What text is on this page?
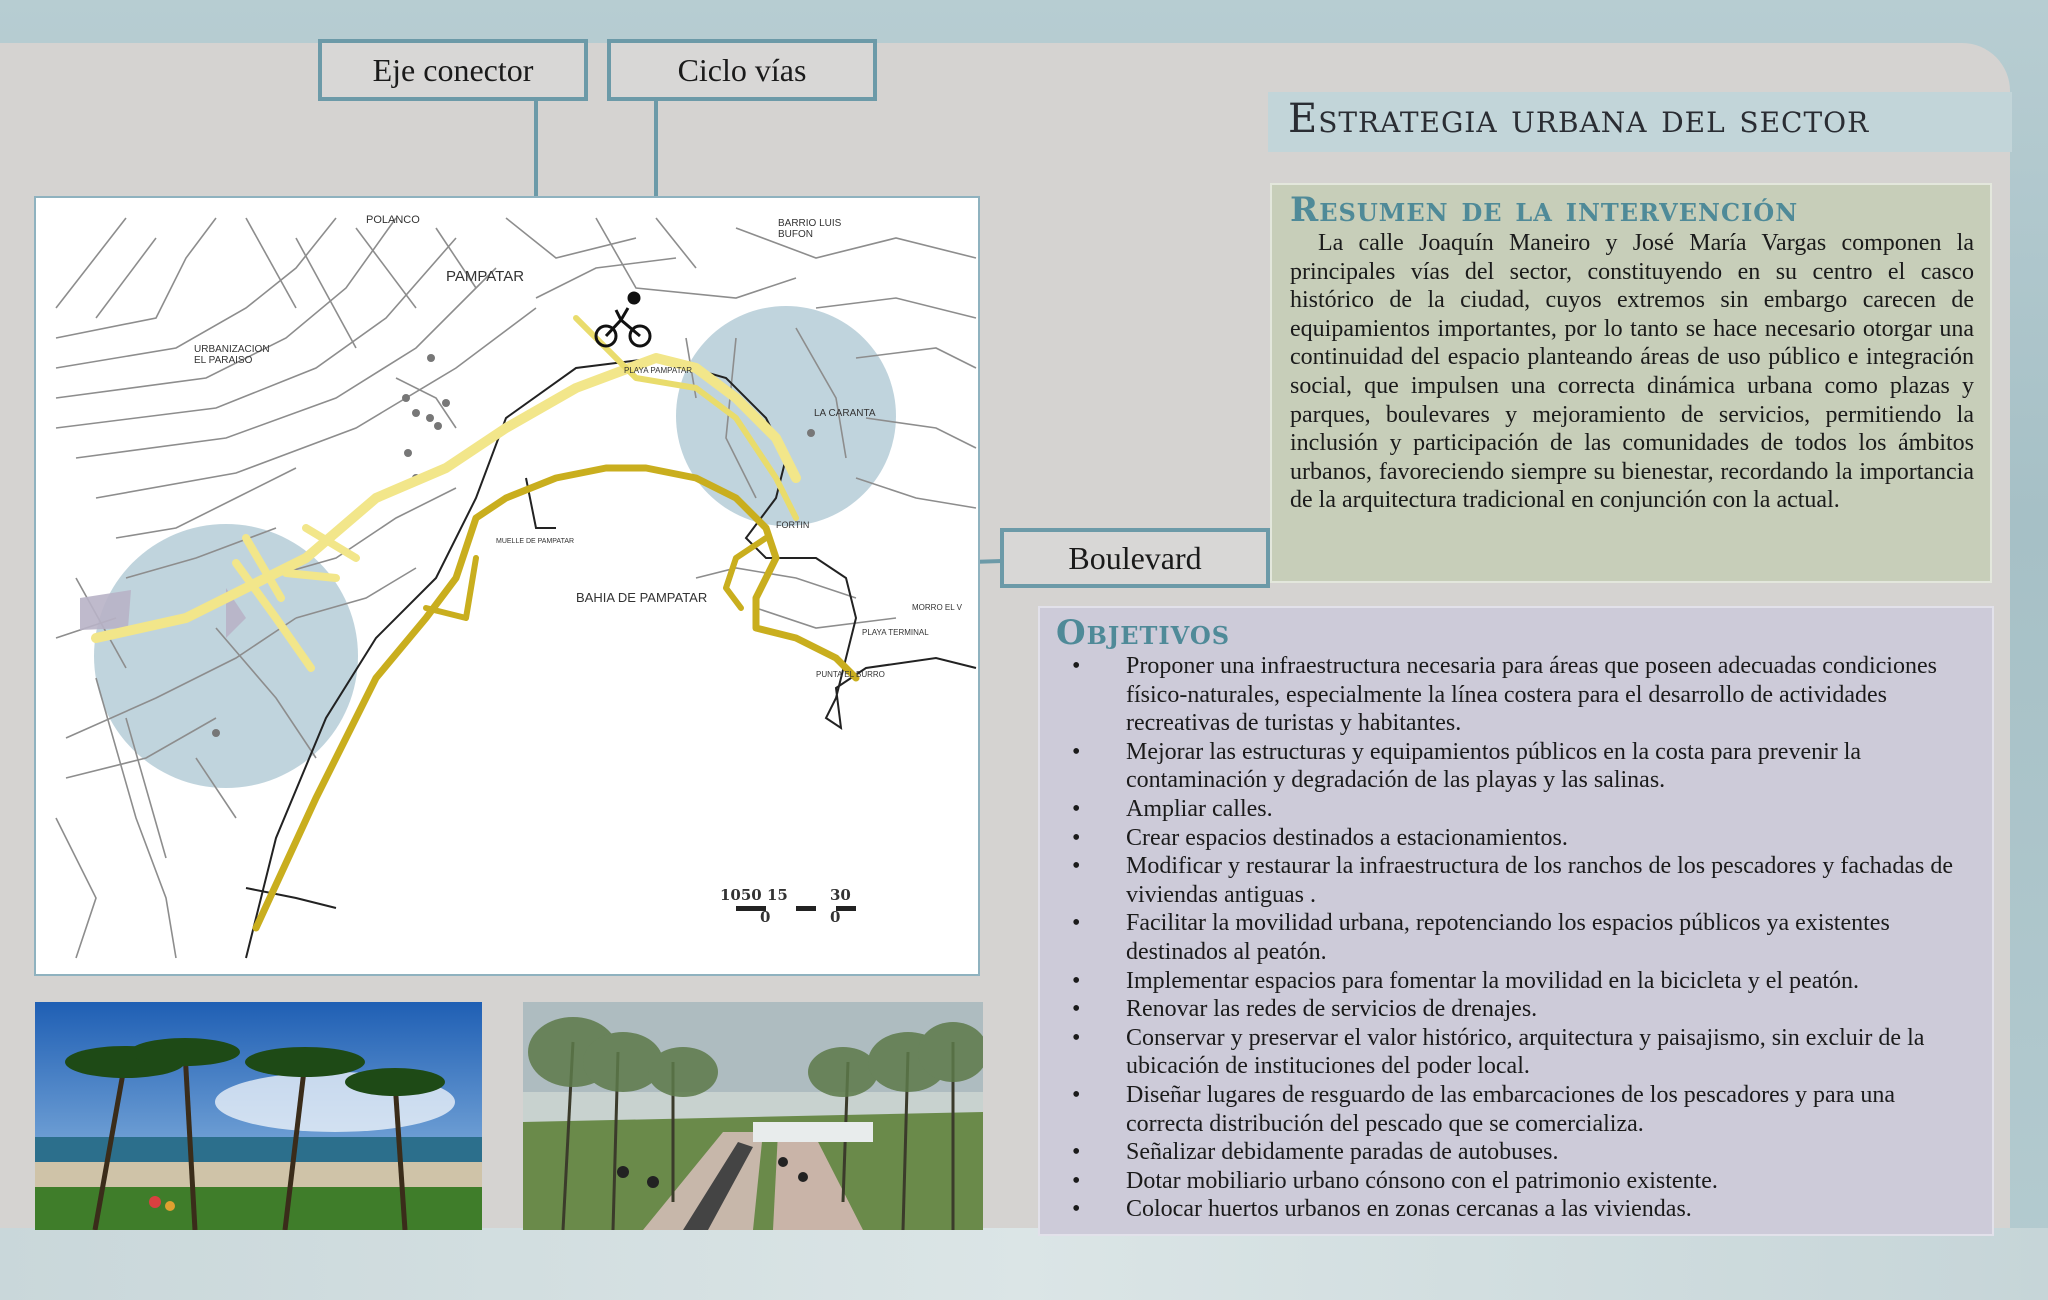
Eje conector	Ciclo vías
POLANCO
PAMPATAR
BARRIO LUIS
BUFON
URBANIZACION
EL PARAISO
PLAYA PAMPATAR
LA CARANTA
FORTIN
MUELLE DE PAMPATAR
BAHIA DE PAMPATAR
MORRO EL V
PLAYA TERMINAL
PUNTA EL BURRO
1050 15	30
0	0
Boulevard
Estrategia urbana del sector
Resumen de la intervención

La calle Joaquín Maneiro y José María Vargas componen la principales vías del sector, constituyendo en su centro el casco histórico de la ciudad, cuyos extremos sin embargo carecen de equipamientos importantes, por lo tanto se hace necesario otorgar una continuidad del espacio planteando áreas de uso público e integración social, que impulsen una correcta dinámica urbana como plazas y parques, boulevares y mejoramiento de servicios, permitiendo la inclusión y participación de las comunidades de todos los ámbitos urbanos, favoreciendo siempre su bienestar, recordando la importancia de la arquitectura tradicional en conjunción con la actual.

Objetivos
• Proponer una infraestructura necesaria para áreas que poseen adecuadas condiciones físico-naturales, especialmente la línea costera para el desarrollo de actividades recreativas de turistas y habitantes.
• Mejorar las estructuras y equipamientos públicos en la costa para prevenir la contaminación y degradación de las playas y las salinas.
• Ampliar calles.
• Crear espacios destinados a estacionamientos.
• Modificar y restaurar la infraestructura de los ranchos de los pescadores y fachadas de viviendas antiguas .
• Facilitar la movilidad urbana, repotenciando los espacios públicos ya existentes destinados al peatón.
• Implementar espacios para fomentar la movilidad en la bicicleta y el peatón.
• Renovar las redes de servicios de drenajes.
• Conservar y preservar el valor histórico, arquitectura y paisajismo, sin excluir de la ubicación de instituciones del poder local.
• Diseñar lugares de resguardo de las embarcaciones de los pescadores y para una correcta distribución del pescado que se comercializa.
• Señalizar debidamente paradas de autobuses.
• Dotar mobiliario urbano cónsono con el patrimonio existente.
• Colocar huertos urbanos en zonas cercanas a las viviendas.
